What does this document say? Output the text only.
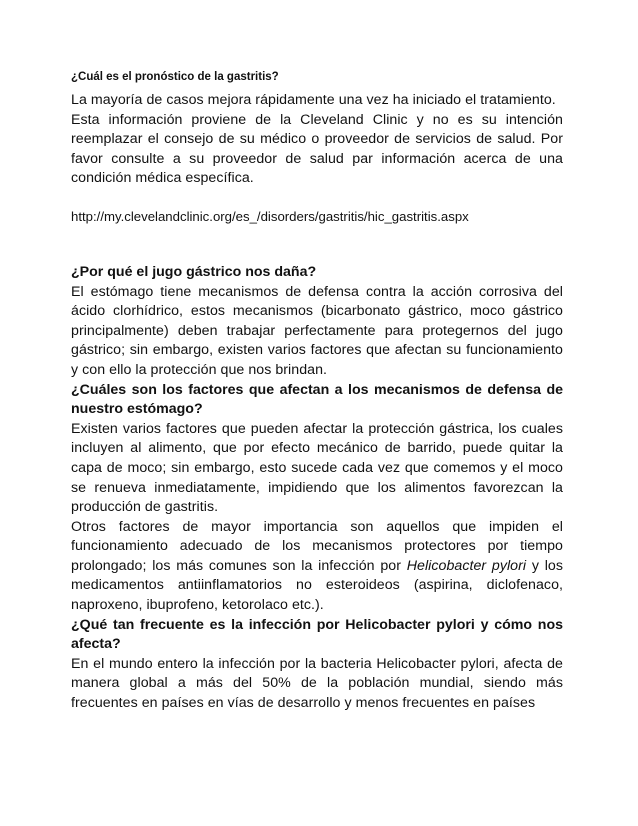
¿Cuál es el pronóstico de la gastritis?

La mayoría de casos mejora rápidamente una vez ha iniciado el tratamiento.

Esta información proviene de la Cleveland Clinic y no es su intención reemplazar el consejo de su médico o proveedor de servicios de salud. Por favor consulte a su proveedor de salud par información acerca de una condición médica específica.

http://my.clevelandclinic.org/es_/disorders/gastritis/hic_gastritis.aspx

¿Por qué el jugo gástrico nos daña?

El estómago tiene mecanismos de defensa contra la acción corrosiva del ácido clorhídrico, estos mecanismos (bicarbonato gástrico, moco gástrico principalmente) deben trabajar perfectamente para protegernos del jugo gástrico; sin embargo, existen varios factores que afectan su funcionamiento y con ello la protección que nos brindan.

¿Cuáles son los factores que afectan a los mecanismos de defensa de nuestro estómago?

Existen varios factores que pueden afectar la protección gástrica, los cuales incluyen al alimento, que por efecto mecánico de barrido, puede quitar la capa de moco; sin embargo, esto sucede cada vez que comemos y el moco se renueva inmediatamente, impidiendo que los alimentos favorezcan la producción de gastritis.

Otros factores de mayor importancia son aquellos que impiden el funcionamiento adecuado de los mecanismos protectores por tiempo prolongado; los más comunes son la infección por Helicobacter pylori y los medicamentos antiinflamatorios no esteroideos (aspirina, diclofenaco, naproxeno, ibuprofeno, ketorolaco etc.).

¿Qué tan frecuente es la infección por Helicobacter pylori y cómo nos afecta?

En el mundo entero la infección por la bacteria Helicobacter pylori, afecta de manera global a más del 50% de la población mundial, siendo más frecuentes en países en vías de desarrollo y menos frecuentes en países
